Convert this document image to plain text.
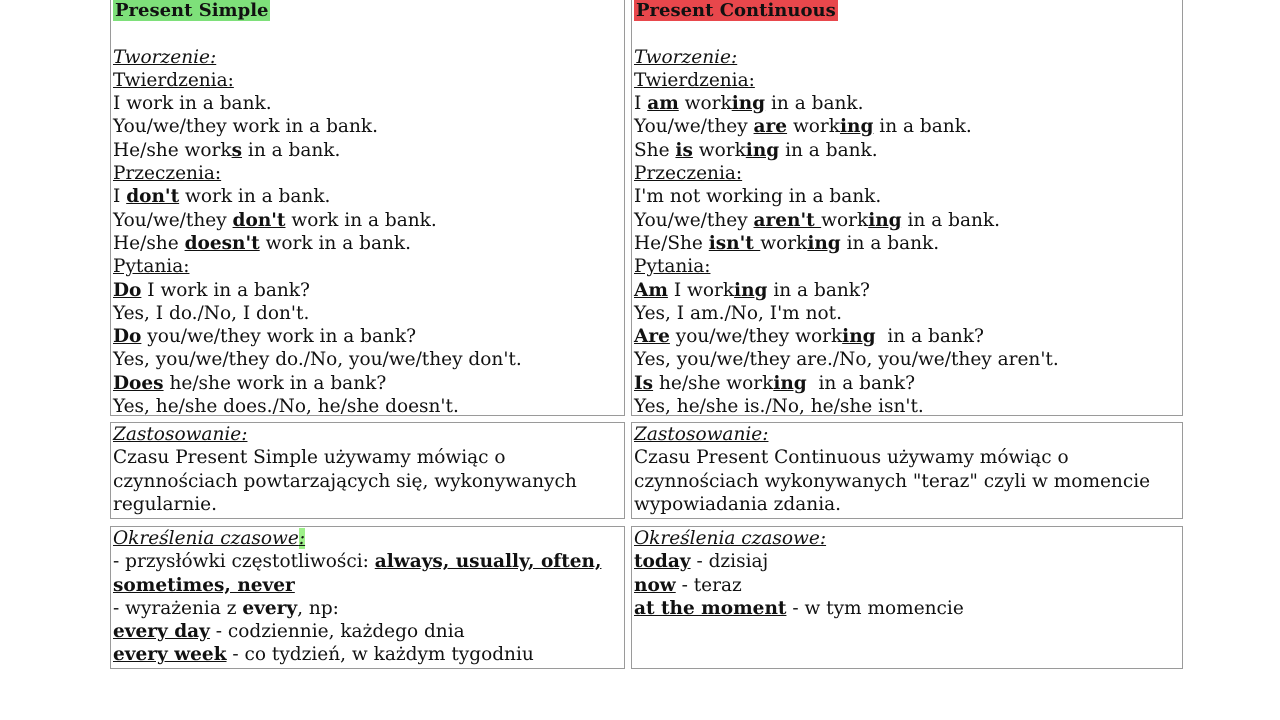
Present Simple
Tworzenie:
Twierdzenia:
I work in a bank.
You/we/they work in a bank.
He/she works in a bank.
Przeczenia:
I don't work in a bank.
You/we/they don't work in a bank.
He/she doesn't work in a bank.
Pytania:
Do I work in a bank?
Yes, I do./No, I don't.
Do you/we/they work in a bank?
Yes, you/we/they do./No, you/we/they don't.
Does he/she work in a bank?
Yes, he/she does./No, he/she doesn't.
Present Continuous
Tworzenie:
Twierdzenia:
I am working in a bank.
You/we/they are working in a bank.
She is working in a bank.
Przeczenia:
I'm not working in a bank.
You/we/they aren't working in a bank.
He/She isn't working in a bank.
Pytania:
Am I working in a bank?
Yes, I am./No, I'm not.
Are you/we/they working  in a bank?
Yes, you/we/they are./No, you/we/they aren't.
Is he/she working  in a bank?
Yes, he/she is./No, he/she isn't.
Zastosowanie:
Czasu Present Simple używamy mówiąc o
czynnościach powtarzających się, wykonywanych
regularnie.
Zastosowanie:
Czasu Present Continuous używamy mówiąc o
czynnościach wykonywanych "teraz" czyli w momencie
wypowiadania zdania.
Określenia czasowe:
- przysłówki częstotliwości: always, usually, often,
sometimes, never
- wyrażenia z every, np:
every day - codziennie, każdego dnia
every week - co tydzień, w każdym tygodniu
Określenia czasowe:
today - dzisiaj
now - teraz
at the moment - w tym momencie
